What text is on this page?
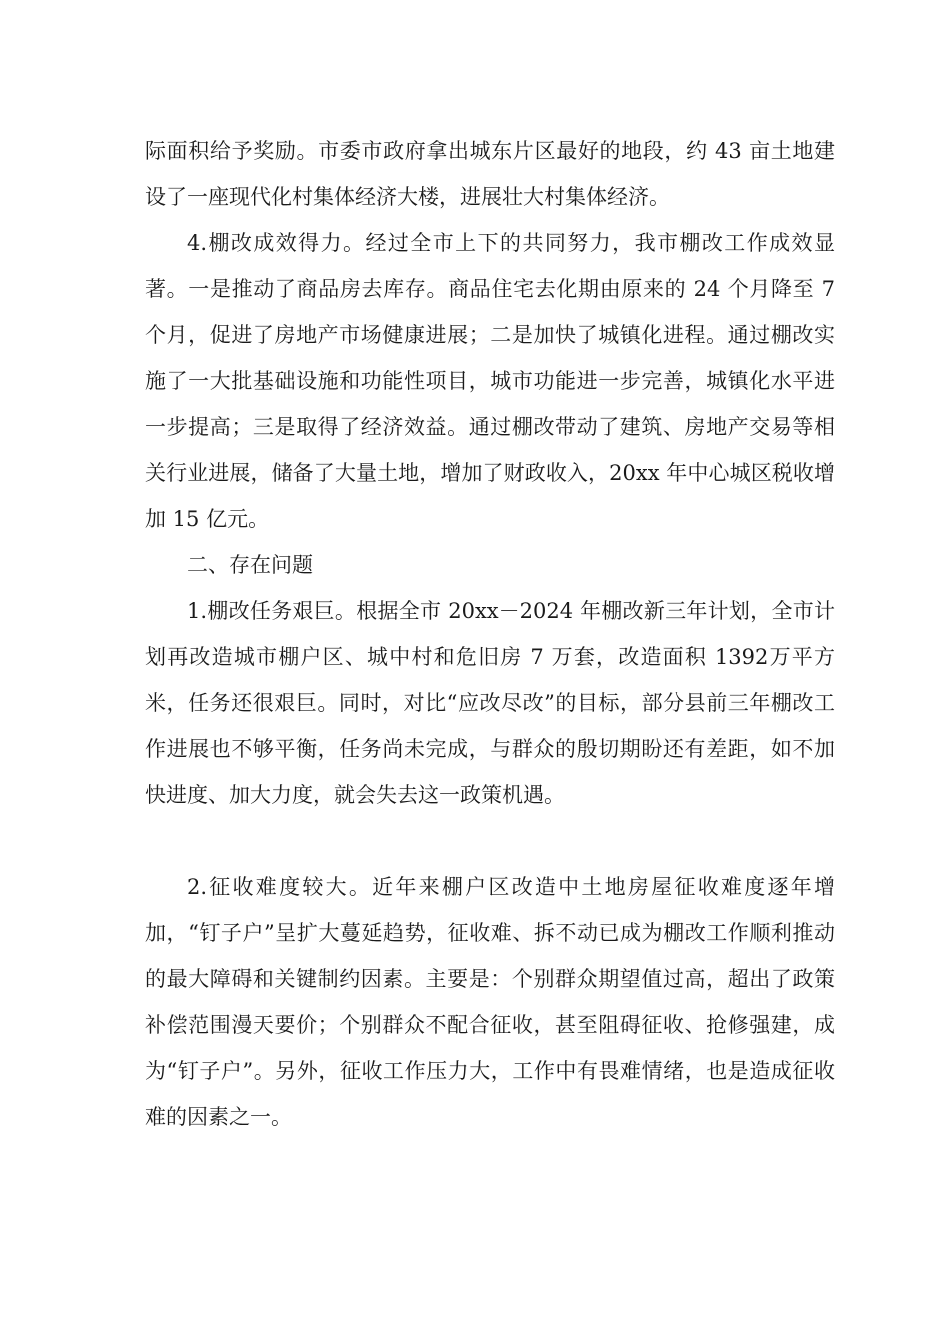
际面积给予奖励。市委市政府拿出城东片区最好的地段，约 43 亩土地建设了一座现代化村集体经济大楼，进展壮大村集体经济。

4.棚改成效得力。经过全市上下的共同努力，我市棚改工作成效显著。一是推动了商品房去库存。商品住宅去化期由原来的 24 个月降至 7 个月，促进了房地产市场健康进展；二是加快了城镇化进程。通过棚改实施了一大批基础设施和功能性项目，城市功能进一步完善，城镇化水平进一步提高；三是取得了经济效益。通过棚改带动了建筑、房地产交易等相关行业进展，储备了大量土地，增加了财政收入，20xx 年中心城区税收增加 15 亿元。

二、存在问题

1.棚改任务艰巨。根据全市 20xx－2024 年棚改新三年计划，全市计划再改造城市棚户区、城中村和危旧房 7 万套，改造面积 1392万平方米，任务还很艰巨。同时，对比“应改尽改”的目标，部分县前三年棚改工作进展也不够平衡，任务尚未完成，与群众的殷切期盼还有差距，如不加快进度、加大力度，就会失去这一政策机遇。

2.征收难度较大。近年来棚户区改造中土地房屋征收难度逐年增加，“钉子户”呈扩大蔓延趋势，征收难、拆不动已成为棚改工作顺利推动的最大障碍和关键制约因素。主要是：个别群众期望值过高，超出了政策补偿范围漫天要价；个别群众不配合征收，甚至阻碍征收、抢修强建，成为“钉子户”。另外，征收工作压力大，工作中有畏难情绪，也是造成征收难的因素之一。
